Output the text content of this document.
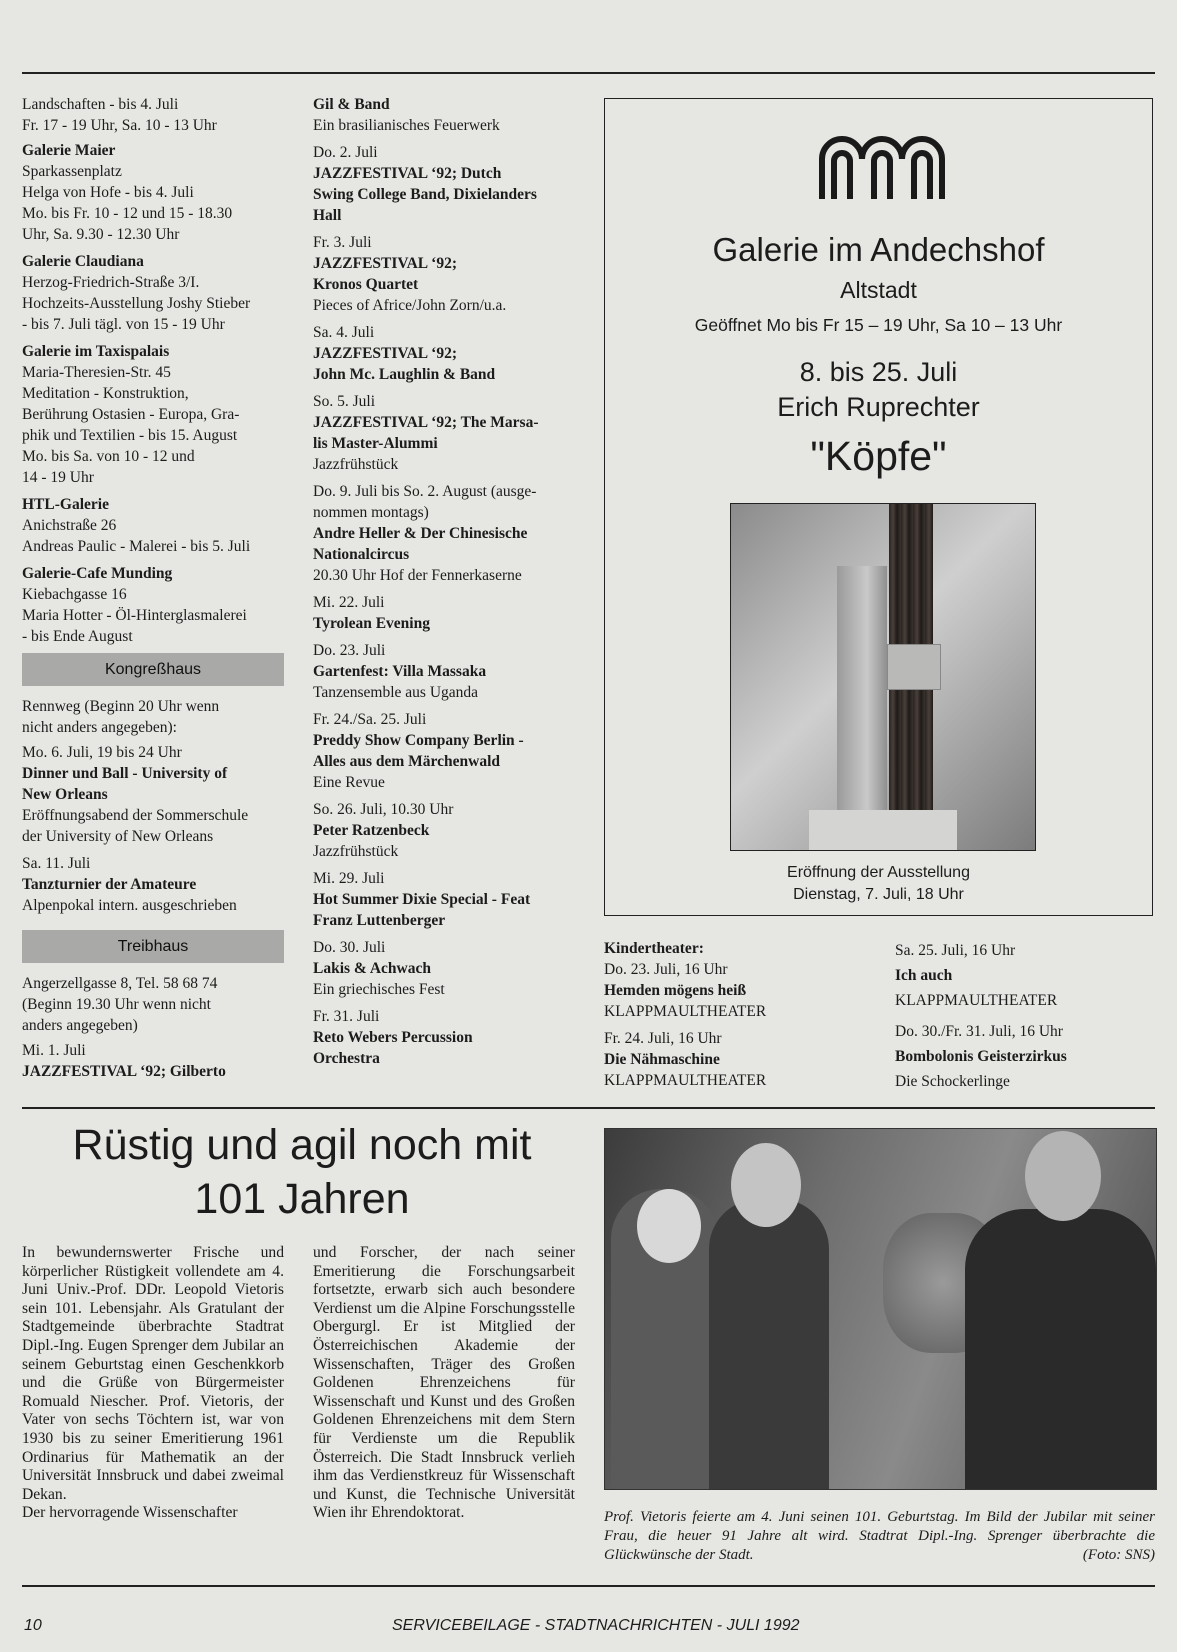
Landschaften - bis 4. Juli

Fr. 17 - 19 Uhr, Sa. 10 - 13 Uhr

Galerie Maier

Sparkassenplatz

Helga von Hofe - bis 4. Juli

Mo. bis Fr. 10 - 12 und 15 - 18.30

Uhr, Sa. 9.30 - 12.30 Uhr

Galerie Claudiana

Herzog-Friedrich-Straße 3/I.

Hochzeits-Ausstellung Joshy Stieber

- bis 7. Juli tägl. von 15 - 19 Uhr

Galerie im Taxispalais

Maria-Theresien-Str. 45

Meditation - Konstruktion,

Berührung Ostasien - Europa, Gra-

phik und Textilien - bis 15. August

Mo. bis Sa. von 10 - 12 und

14 - 19 Uhr

HTL-Galerie

Anichstraße 26

Andreas Paulic - Malerei - bis 5. Juli

Galerie-Cafe Munding

Kiebachgasse 16

Maria Hotter - Öl-Hinterglasmalerei

- bis Ende August

Kongreßhaus

Rennweg (Beginn 20 Uhr wenn

nicht anders angegeben):

Mo. 6. Juli, 19 bis 24 Uhr

Dinner und Ball - University of

New Orleans

Eröffnungsabend der Sommerschule

der University of New Orleans

Sa. 11. Juli

Tanzturnier der Amateure

Alpenpokal intern. ausgeschrieben

Treibhaus

Angerzellgasse 8, Tel. 58 68 74

(Beginn 19.30 Uhr wenn nicht

anders angegeben)

Mi. 1. Juli

JAZZFESTIVAL ‘92; Gilberto

Gil & Band

Ein brasilianisches Feuerwerk

Do. 2. Juli

JAZZFESTIVAL ‘92; Dutch

Swing College Band, Dixielanders

Hall

Fr. 3. Juli

JAZZFESTIVAL ‘92;

Kronos Quartet

Pieces of Africe/John Zorn/u.a.

Sa. 4. Juli

JAZZFESTIVAL ‘92;

John Mc. Laughlin & Band

So. 5. Juli

JAZZFESTIVAL ‘92; The Marsa-

lis Master-Alummi

Jazzfrühstück

Do. 9. Juli bis So. 2. August (ausge-

nommen montags)

Andre Heller & Der Chinesische

Nationalcircus

20.30 Uhr Hof der Fennerkaserne

Mi. 22. Juli

Tyrolean Evening

Do. 23. Juli

Gartenfest: Villa Massaka

Tanzensemble aus Uganda

Fr. 24./Sa. 25. Juli

Preddy Show Company Berlin -

Alles aus dem Märchenwald

Eine Revue

So. 26. Juli, 10.30 Uhr

Peter Ratzenbeck

Jazzfrühstück

Mi. 29. Juli

Hot Summer Dixie Special - Feat

Franz Luttenberger

Do. 30. Juli

Lakis & Achwach

Ein griechisches Fest

Fr. 31. Juli

Reto Webers Percussion

Orchestra

Galerie im Andechshof
Altstadt
Geöffnet Mo bis Fr 15 – 19 Uhr, Sa 10 – 13 Uhr
8. bis 25. Juli
Erich Ruprechter
"Köpfe"
Eröffnung der Ausstellung
Dienstag, 7. Juli, 18 Uhr

Kindertheater:

Do. 23. Juli, 16 Uhr

Hemden mögens heiß

KLAPPMAULTHEATER

Fr. 24. Juli, 16 Uhr

Die Nähmaschine

KLAPPMAULTHEATER

Sa. 25. Juli, 16 Uhr

Ich auch

KLAPPMAULTHEATER

Do. 30./Fr. 31. Juli, 16 Uhr

Bombolonis Geisterzirkus

Die Schockerlinge

Rüstig und agil noch mit
101 Jahren

In bewundernswerter Frische und körperlicher Rüstigkeit vollendete am 4. Juni Univ.-Prof. DDr. Leopold Vietoris sein 101. Lebensjahr. Als Gratulant der Stadtgemeinde überbrachte Stadtrat Dipl.-Ing. Eugen Sprenger dem Jubilar an seinem Geburtstag einen Geschenkkorb und die Grüße von Bürgermeister Romuald Niescher. Prof. Vietoris, der Vater von sechs Töchtern ist, war von 1930 bis zu seiner Emeritierung 1961 Ordinarius für Mathematik an der Universität Innsbruck und dabei zweimal Dekan.

Der hervorragende Wissenschafter

und Forscher, der nach seiner Emeritierung die Forschungsarbeit fortsetzte, erwarb sich auch besondere Verdienst um die Alpine Forschungsstelle Obergurgl. Er ist Mitglied der Österreichischen Akademie der Wissenschaften, Träger des Großen Goldenen Ehrenzeichens für Wissenschaft und Kunst und des Großen Goldenen Ehrenzeichens mit dem Stern für Verdienste um die Republik Österreich. Die Stadt Innsbruck verlieh ihm das Verdienstkreuz für Wissenschaft und Kunst, die Technische Universität Wien ihr Ehrendoktorat.	Prof. Vietoris feierte am 4. Juni seinen 101. Geburtstag. Im Bild der Jubilar mit seiner Frau, die heuer 91 Jahre alt wird. Stadtrat Dipl.-Ing. Sprenger überbrachte die Glückwünsche der Stadt.	(Foto: SNS)
10	SERVICEBEILAGE - STADTNACHRICHTEN - JULI 1992
